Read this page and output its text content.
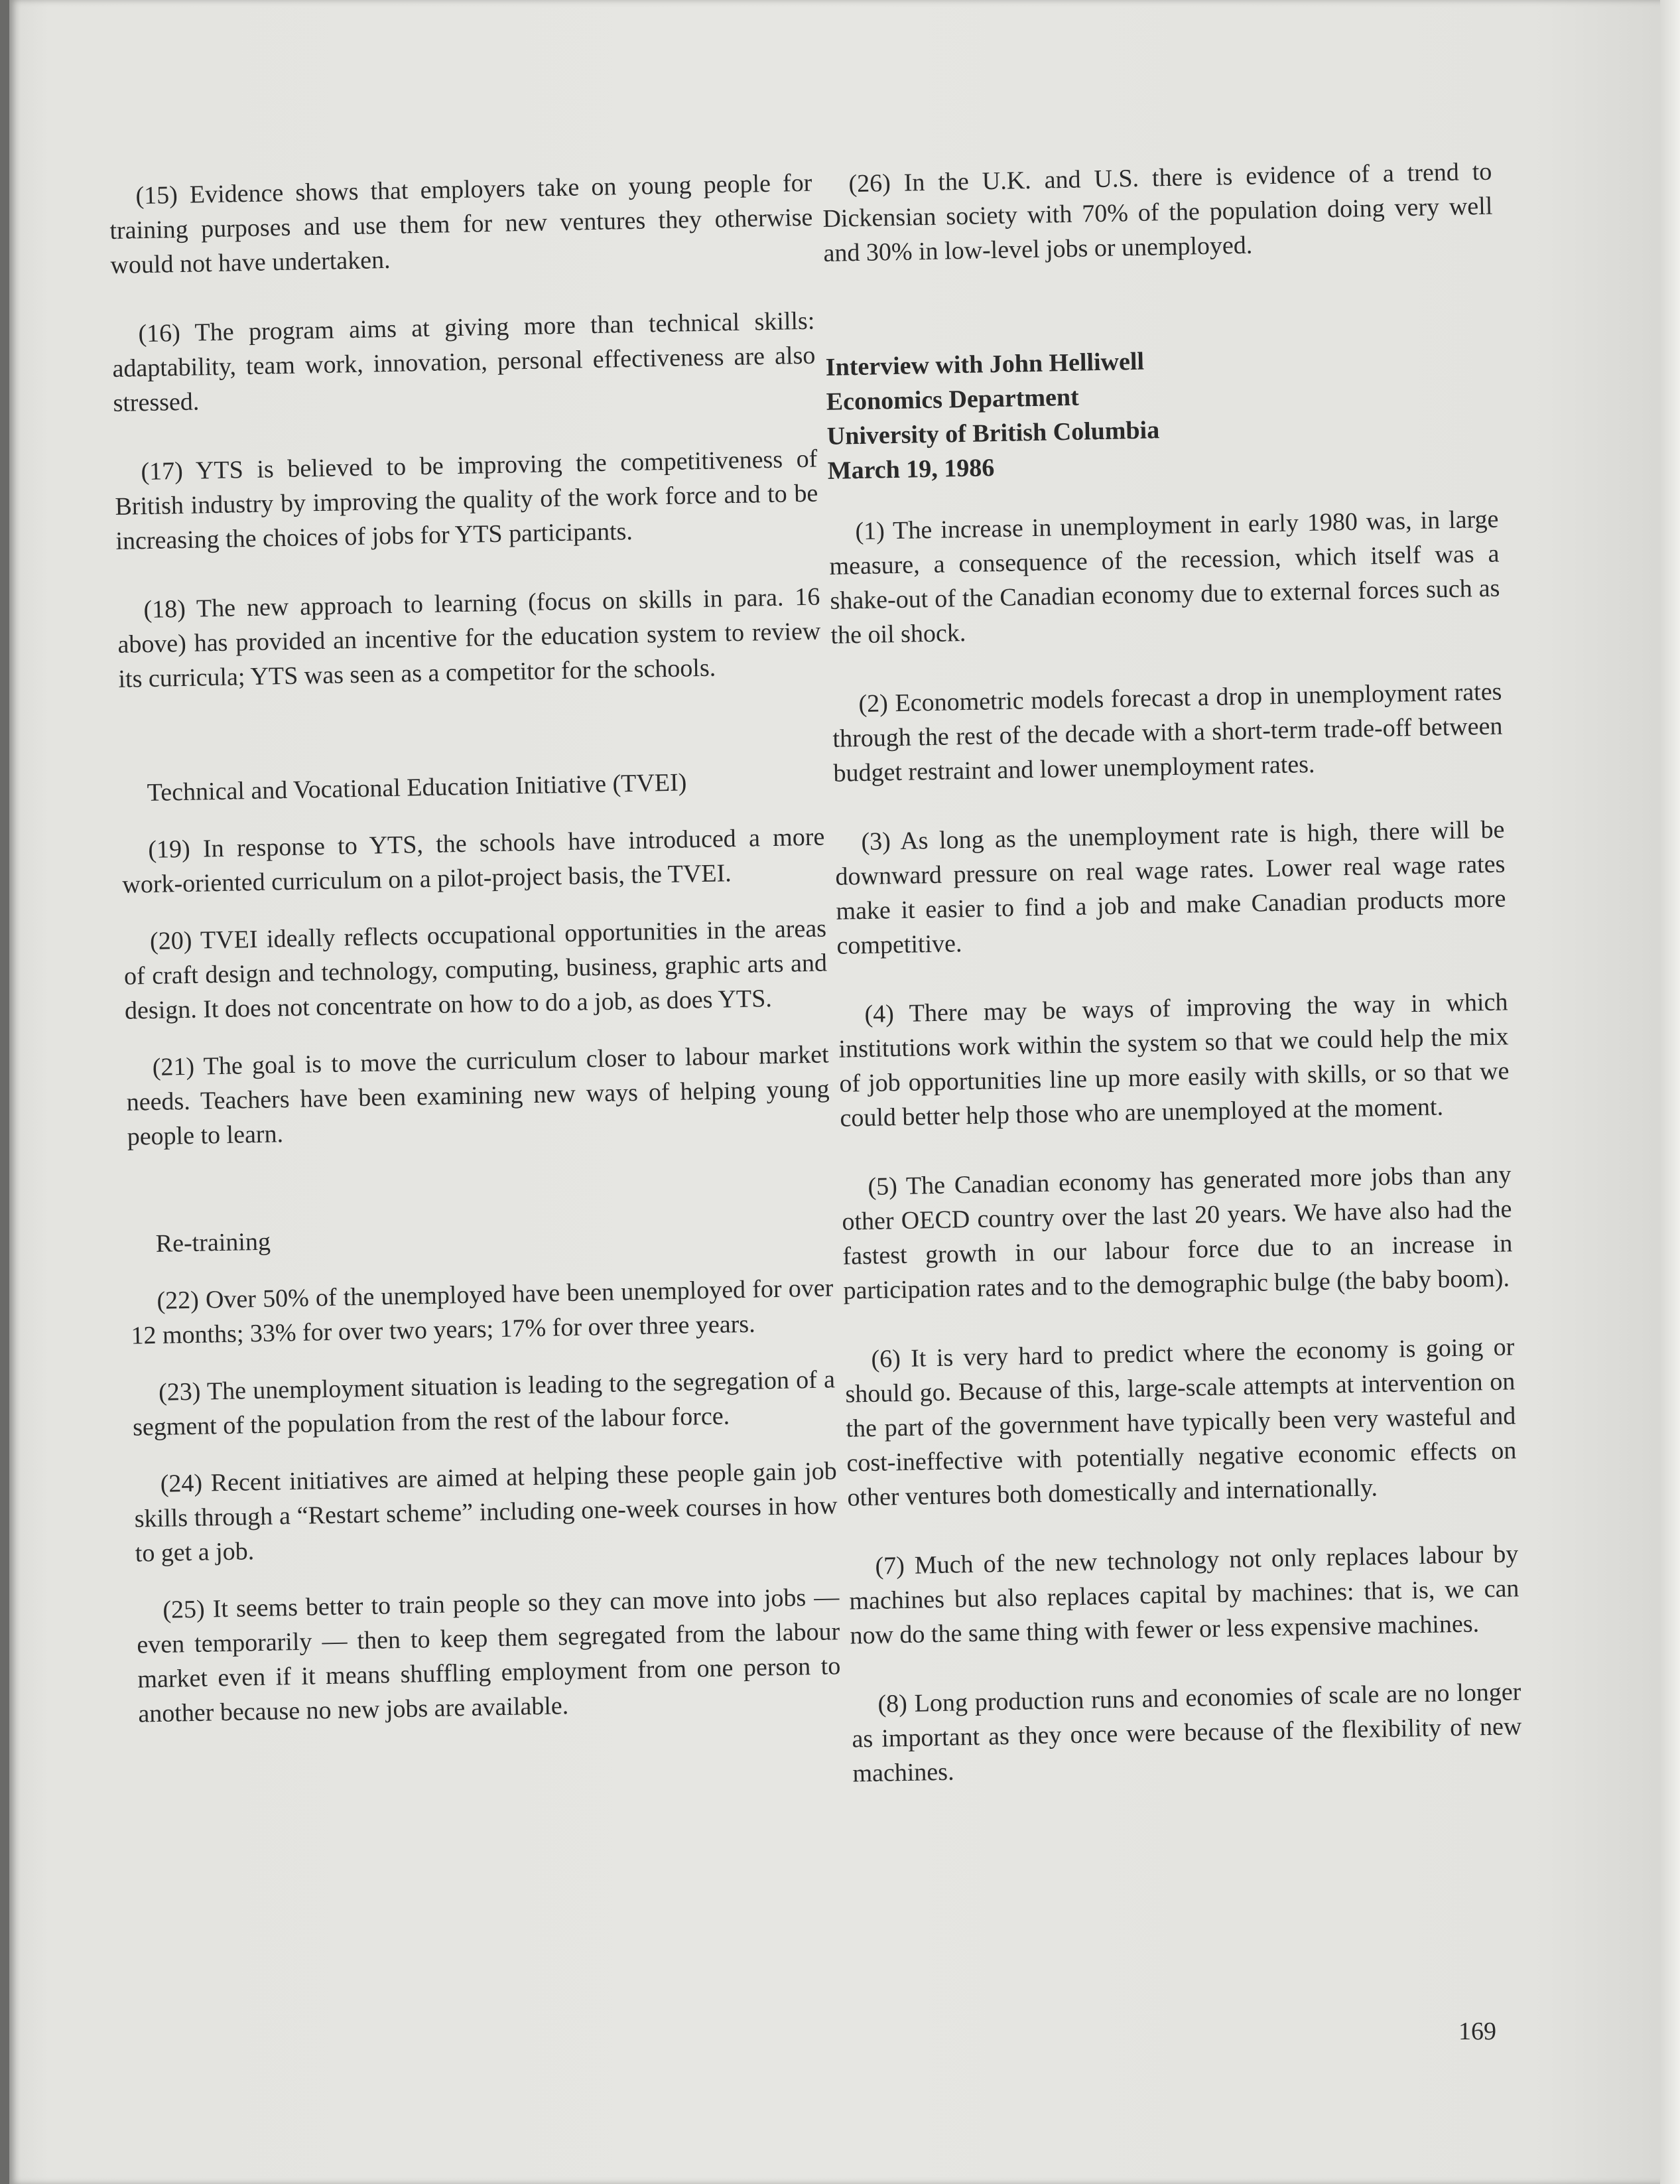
(15) Evidence shows that employers take on young people for training purposes and use them for new ventures they otherwise would not have undertaken.

(16) The program aims at giving more than technical skills: adaptability, team work, innovation, personal effectiveness are also stressed.

(17) YTS is believed to be improving the competitiveness of British industry by improving the quality of the work force and to be increasing the choices of jobs for YTS participants.

(18) The new approach to learning (focus on skills in para. 16 above) has provided an incentive for the education system to review its curricula; YTS was seen as a competitor for the schools.

Technical and Vocational Education Initiative (TVEI)

(19) In response to YTS, the schools have introduced a more work-oriented curriculum on a pilot-project basis, the TVEI.

(20) TVEI ideally reflects occupational opportunities in the areas of craft design and technology, computing, business, graphic arts and design. It does not concentrate on how to do a job, as does YTS.

(21) The goal is to move the curriculum closer to labour market needs. Teachers have been examining new ways of helping young people to learn.

Re-training

(22) Over 50% of the unemployed have been unemployed for over 12 months; 33% for over two years; 17% for over three years.

(23) The unemployment situation is leading to the segregation of a segment of the population from the rest of the labour force.

(24) Recent initiatives are aimed at helping these people gain job skills through a “Restart scheme” including one-week courses in how to get a job.

(25) It seems better to train people so they can move into jobs — even temporarily — then to keep them segregated from the labour market even if it means shuffling employment from one person to another because no new jobs are available.

(26) In the U.K. and U.S. there is evidence of a trend to Dickensian society with 70% of the population doing very well and 30% in low-level jobs or unemployed.

Interview with John Helliwell
Economics Department
University of British Columbia
March 19, 1986

(1) The increase in unemployment in early 1980 was, in large measure, a consequence of the recession, which itself was a shake-out of the Canadian economy due to external forces such as the oil shock.

(2) Econometric models forecast a drop in unemployment rates through the rest of the decade with a short-term trade-off between budget restraint and lower unemployment rates.

(3) As long as the unemployment rate is high, there will be downward pressure on real wage rates. Lower real wage rates make it easier to find a job and make Canadian products more competitive.

(4) There may be ways of improving the way in which institutions work within the system so that we could help the mix of job opportunities line up more easily with skills, or so that we could better help those who are unemployed at the moment.

(5) The Canadian economy has generated more jobs than any other OECD country over the last 20 years. We have also had the fastest growth in our labour force due to an increase in participation rates and to the demographic bulge (the baby boom).

(6) It is very hard to predict where the economy is going or should go. Because of this, large-scale attempts at intervention on the part of the government have typically been very wasteful and cost-ineffective with potentially negative economic effects on other ventures both domestically and internationally.

(7) Much of the new technology not only replaces labour by machines but also replaces capital by machines: that is, we can now do the same thing with fewer or less expensive machines.

(8) Long production runs and economies of scale are no longer as important as they once were because of the flexibility of new machines.

169
